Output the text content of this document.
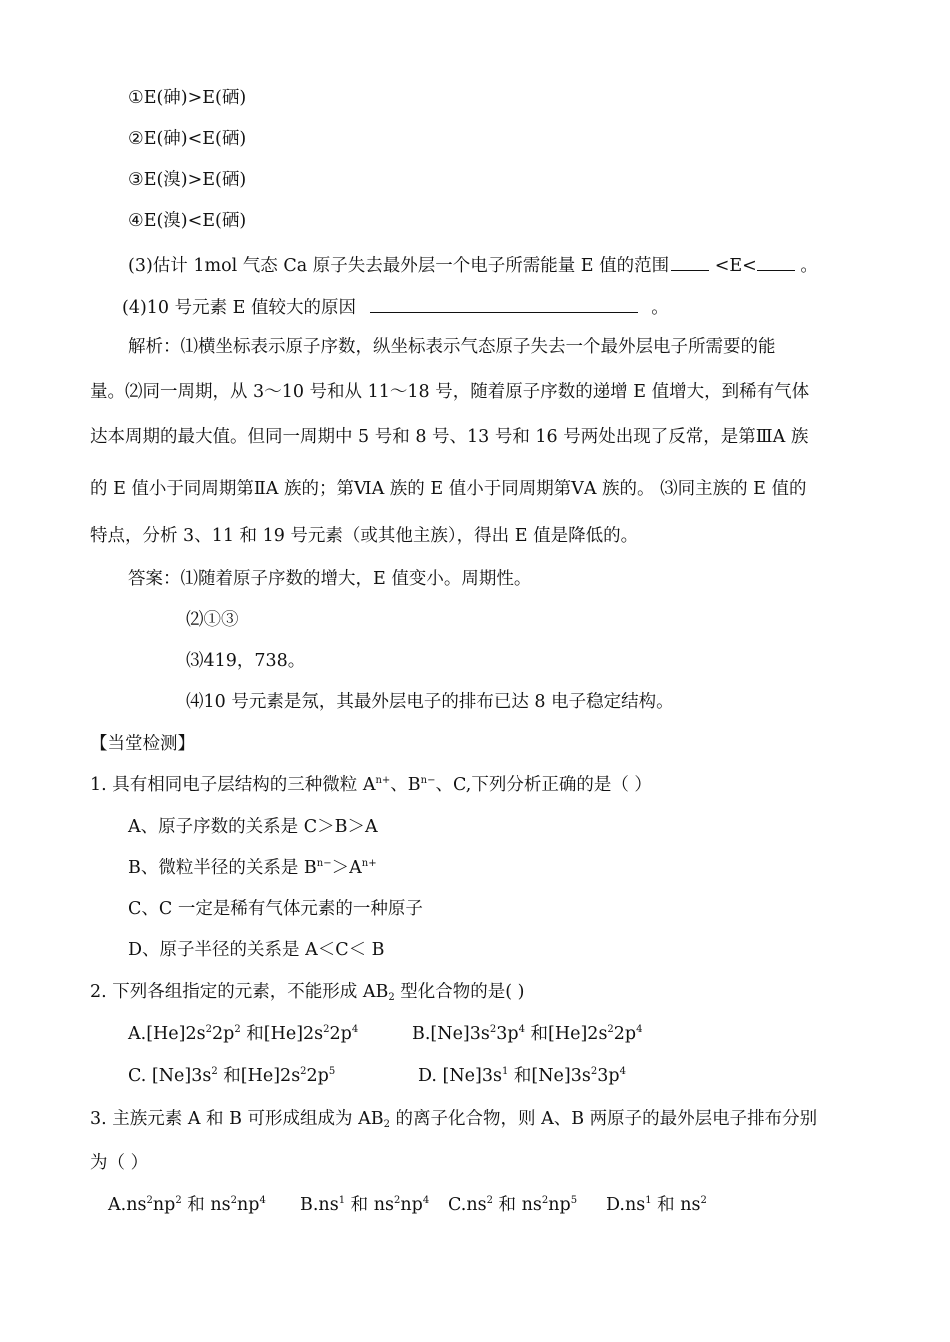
①E(砷)>E(硒)
②E(砷)<E(硒)
③E(溴)>E(硒)
④E(溴)<E(硒)
(3)估计 1mol 气态 Ca 原子失去最外层一个电子所需能量 E 值的范围	<E< 。
(4)10 号元素 E 值较大的原因	。
解析：⑴横坐标表示原子序数，纵坐标表示气态原子失去一个最外层电子所需要的能
量。⑵同一周期，从 3～10 号和从 11～18 号，随着原子序数的递增 E 值增大，到稀有气体
达本周期的最大值。但同一周期中 5 号和 8 号、13 号和 16 号两处出现了反常，是第ⅢA 族
的 E 值小于同周期第ⅡA 族的；第ⅥA 族的 E 值小于同周期第ⅤA 族的。 ⑶同主族的 E 值的
特点，分析 3、11 和 19 号元素（或其他主族），得出 E 值是降低的。
答案：⑴随着原子序数的增大，E 值变小。周期性。
⑵①③
⑶419，738。
⑷10 号元素是氖，其最外层电子的排布已达 8 电子稳定结构。
【当堂检测】
1. 具有相同电子层结构的三种微粒 $A^{n+}$、$B^{n-}$、C,下列分析正确的是（ ）
A、原子序数的关系是 C＞B＞A
B、微粒半径的关系是 $B^{n-}>A^{n+}$
C、C 一定是稀有气体元素的一种原子
D、原子半径的关系是 A＜C＜ B
2. 下列各组指定的元素，不能形成 $AB_2$ 型化合物的是( )
$A.[He]2s^22p^2$ 和$[He]2s^22p^4$	$B.[Ne]3s^23p^4$ 和$[He]2s^22p^4$
C. $[Ne]3s^2$ 和$[He]2s^22p^5$	D. $[Ne]3s^1$ 和$[Ne]3s^23p^4$
3. 主族元素 A 和 B 可形成组成为 $AB_2$ 的离子化合物，则 A、B 两原子的最外层电子排布分别
为（ ）
$A.ns^2np^2$ 和 $ns^2np^4$ $B.ns^1$ 和 $ns^2np^4$ $C.ns^2$ 和 $ns^2np^5$ $D.ns^1$ 和 $ns^2$
